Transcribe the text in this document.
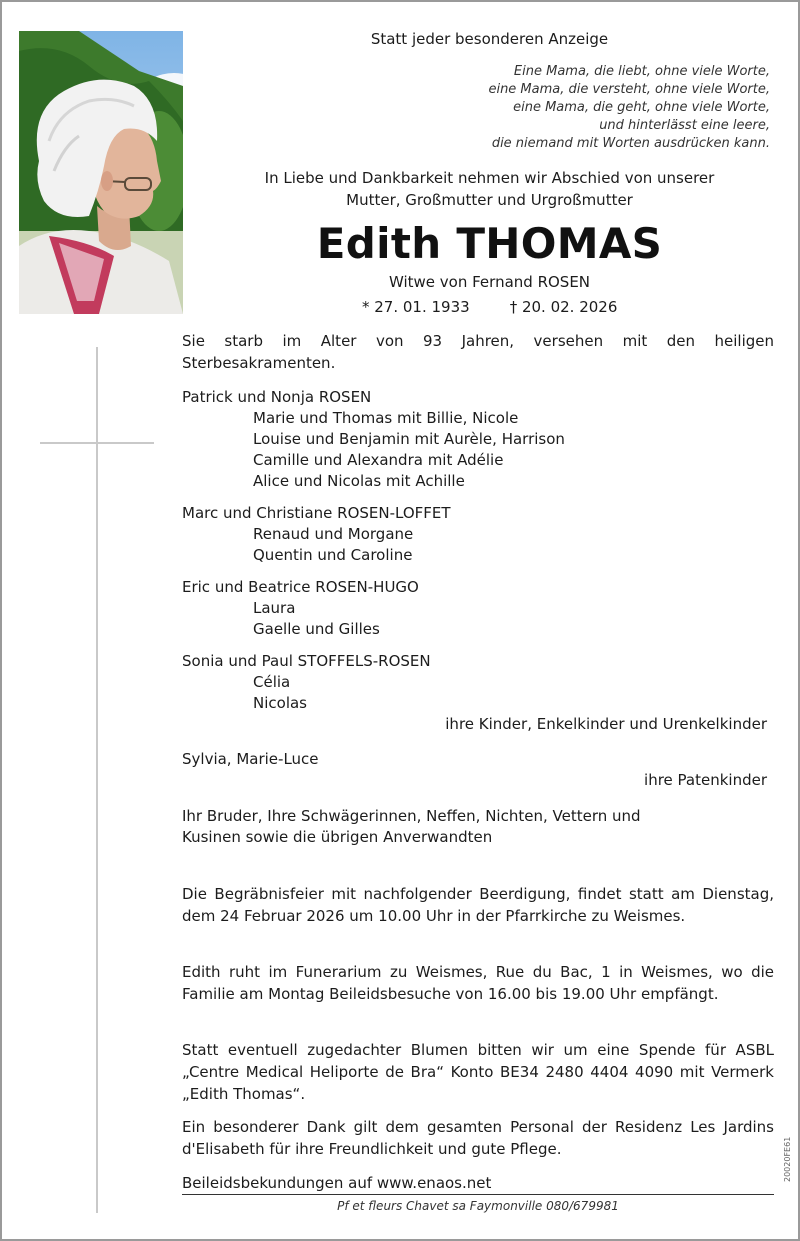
Statt jeder besonderen Anzeige
Eine Mama, die liebt, ohne viele Worte,
eine Mama, die versteht, ohne viele Worte,
eine Mama, die geht, ohne viele Worte,
und hinterlässt eine leere,
die niemand mit Worten ausdrücken kann.
In Liebe und Dankbarkeit nehmen wir Abschied von unserer
Mutter, Großmutter und Urgroßmutter
Edith THOMAS
Witwe von Fernand ROSEN
* 27. 01. 1933	† 20. 02. 2026
Sie starb im Alter von 93 Jahren, versehen mit den heiligen Sterbesakramenten.
Patrick und Nonja ROSEN
Marie und Thomas mit Billie, Nicole
Louise und Benjamin mit Aurèle, Harrison
Camille und Alexandra mit Adélie
Alice und Nicolas mit Achille
Marc und Christiane ROSEN-LOFFET
Renaud und Morgane
Quentin und Caroline
Eric und Beatrice ROSEN-HUGO
Laura
Gaelle und Gilles
Sonia und Paul STOFFELS-ROSEN
Célia
Nicolas
ihre Kinder, Enkelkinder und Urenkelkinder
Sylvia, Marie-Luce
ihre Patenkinder
Ihr Bruder, Ihre Schwägerinnen, Neffen, Nichten, Vettern und
Kusinen sowie die übrigen Anverwandten
Die Begräbnisfeier mit nachfolgender Beerdigung, findet statt am Dienstag, dem 24 Februar 2026 um 10.00 Uhr in der Pfarrkirche zu Weismes.
Edith ruht im Funerarium zu Weismes, Rue du Bac, 1 in Weismes, wo die Familie am Montag Beileidsbesuche von 16.00 bis 19.00 Uhr empfängt.
Statt eventuell zugedachter Blumen bitten wir um eine Spende für ASBL „Centre Medical Heliporte de Bra“ Konto BE34 2480 4404 4090 mit Vermerk „Edith Thomas“.
Ein besonderer Dank gilt dem gesamten Personal der Residenz Les Jardins d'Elisabeth für ihre Freundlichkeit und gute Pflege.
Beileidsbekundungen auf www.enaos.net
Pf et fleurs Chavet sa Faymonville 080/679981
20020FE61
